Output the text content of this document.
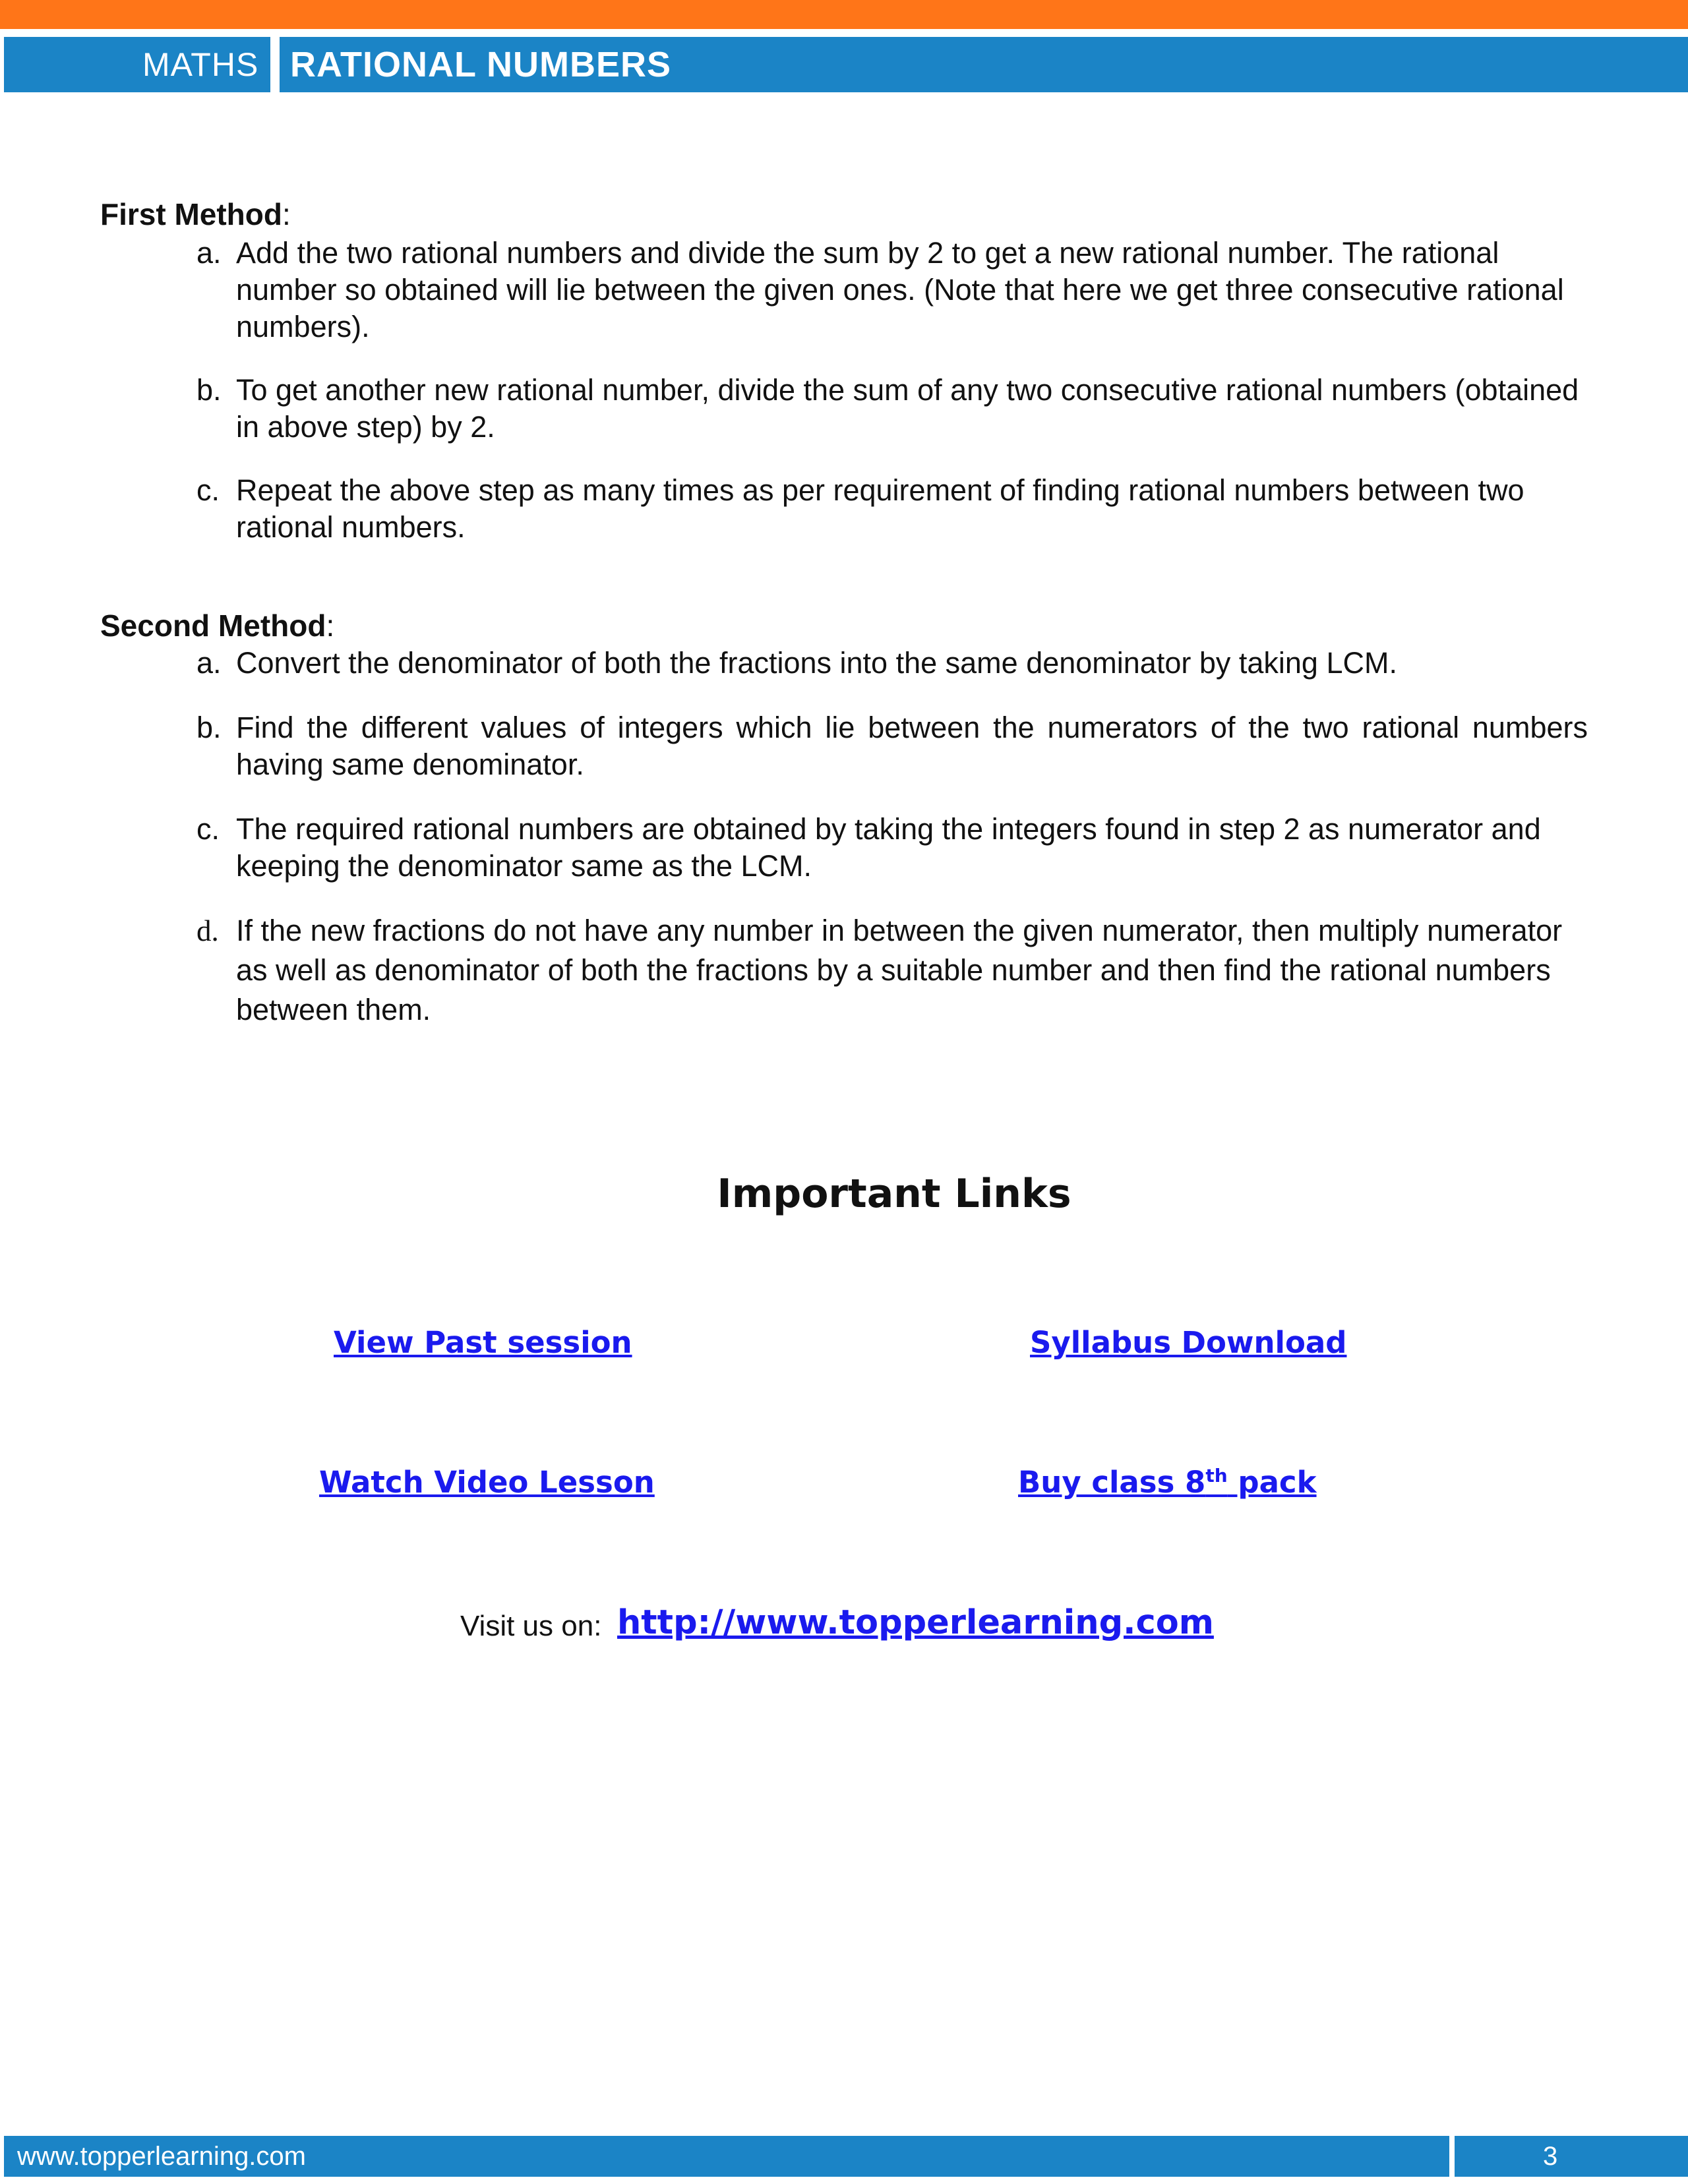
MATHS RATIONAL NUMBERS
First Method:
a. Add the two rational numbers and divide the sum by 2 to get a new rational number. The rational number so obtained will lie between the given ones. (Note that here we get three consecutive rational numbers).
b. To get another new rational number, divide the sum of any two consecutive rational numbers (obtained in above step) by 2.
c. Repeat the above step as many times as per requirement of finding rational numbers between two rational numbers.
Second Method:
a. Convert the denominator of both the fractions into the same denominator by taking LCM.
b. Find the different values of integers which lie between the numerators of the two rational numbers having same denominator.
c. The required rational numbers are obtained by taking the integers found in step 2 as numerator and keeping the denominator same as the LCM.
d. If the new fractions do not have any number in between the given numerator, then multiply numerator as well as denominator of both the fractions by a suitable number and then find the rational numbers between them.
Important Links
View Past session	Syllabus Download
Watch Video Lesson	Buy class 8th pack
Visit us on: http://www.topperlearning.com
www.topperlearning.com	3
